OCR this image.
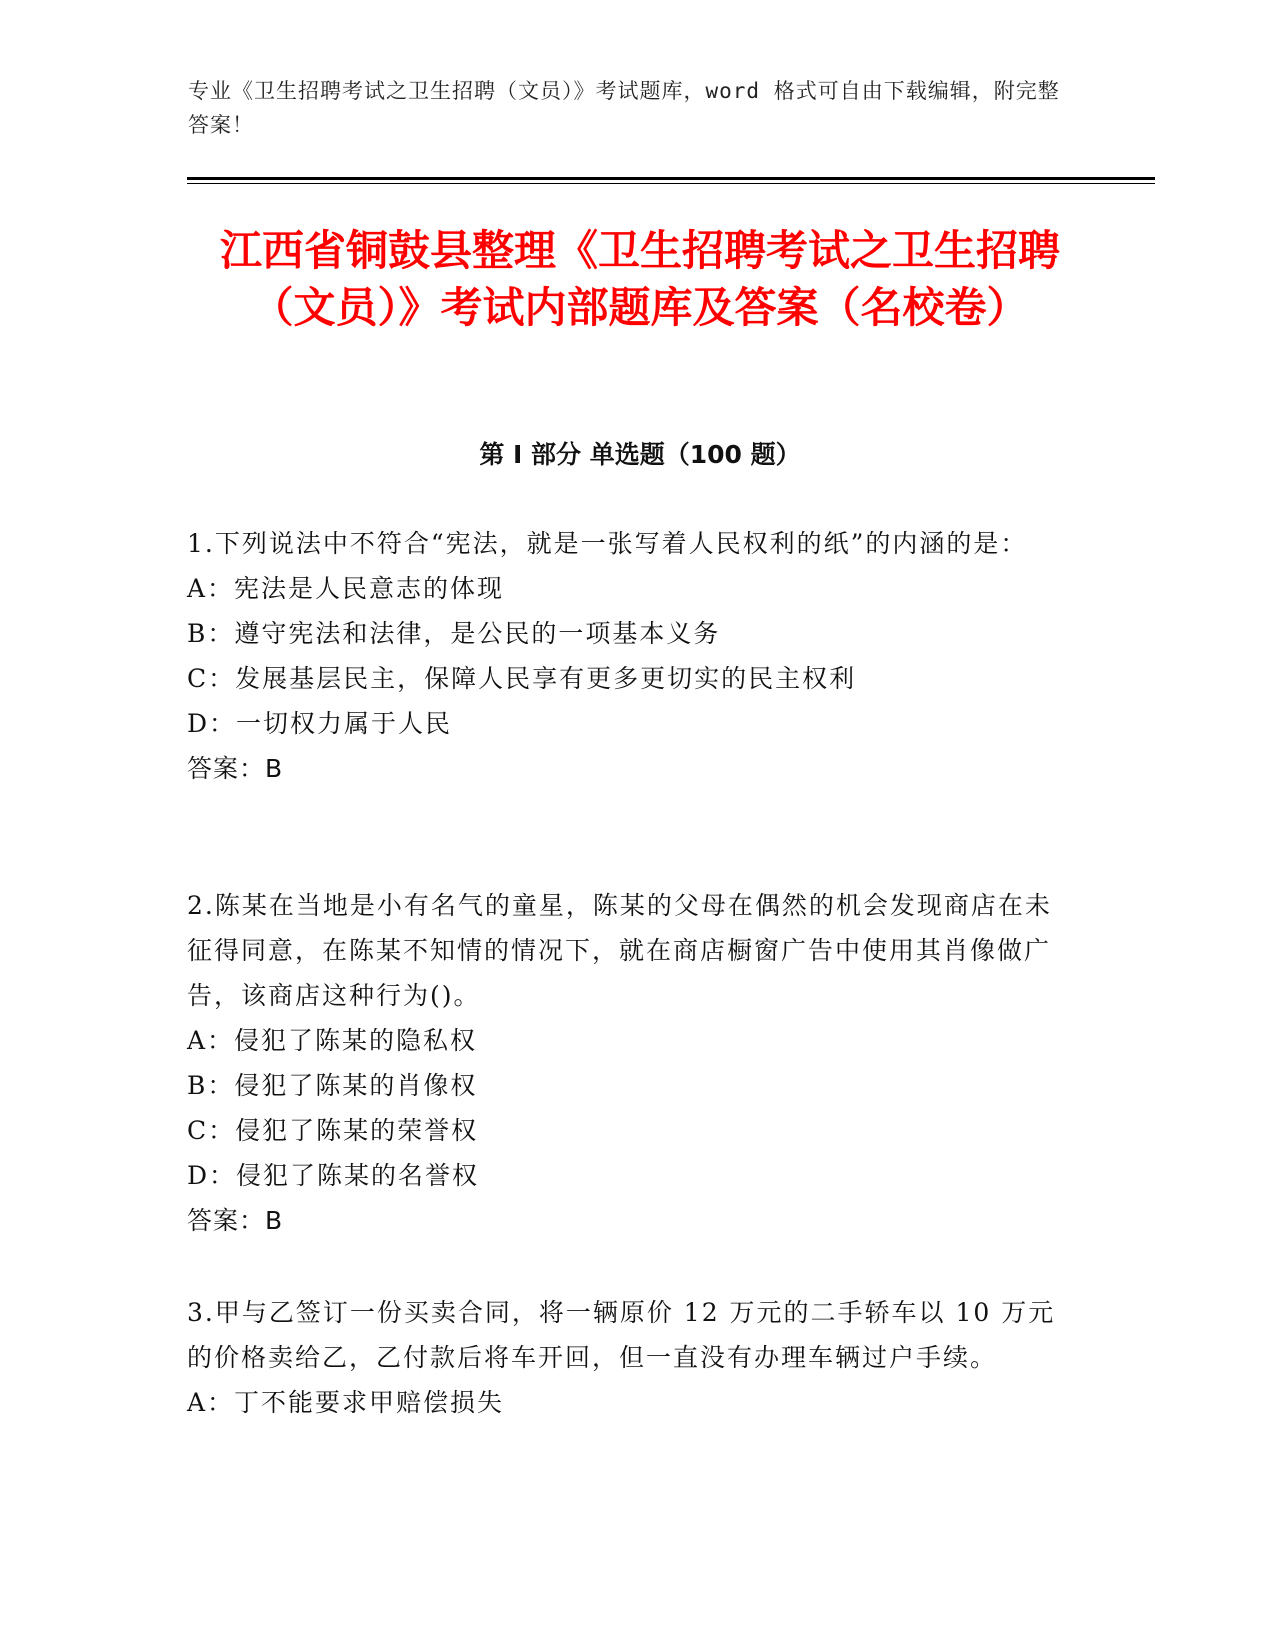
专业《卫生招聘考试之卫生招聘（文员）》考试题库，word 格式可自由下载编辑，附完整答案！
江西省铜鼓县整理《卫生招聘考试之卫生招聘（文员）》考试内部题库及答案（名校卷）
第 I 部分 单选题（100 题）

1.下列说法中不符合“宪法，就是一张写着人民权利的纸”的内涵的是：

A：宪法是人民意志的体现

B：遵守宪法和法律，是公民的一项基本义务

C：发展基层民主，保障人民享有更多更切实的民主权利

D：一切权力属于人民

答案：B

2.陈某在当地是小有名气的童星，陈某的父母在偶然的机会发现商店在未征得同意，在陈某不知情的情况下，就在商店橱窗广告中使用其肖像做广告，该商店这种行为()。

A：侵犯了陈某的隐私权

B：侵犯了陈某的肖像权

C：侵犯了陈某的荣誉权

D：侵犯了陈某的名誉权

答案：B

3.甲与乙签订一份买卖合同，将一辆原价 12 万元的二手轿车以 10 万元的价格卖给乙，乙付款后将车开回，但一直没有办理车辆过户手续。

A：丁不能要求甲赔偿损失
